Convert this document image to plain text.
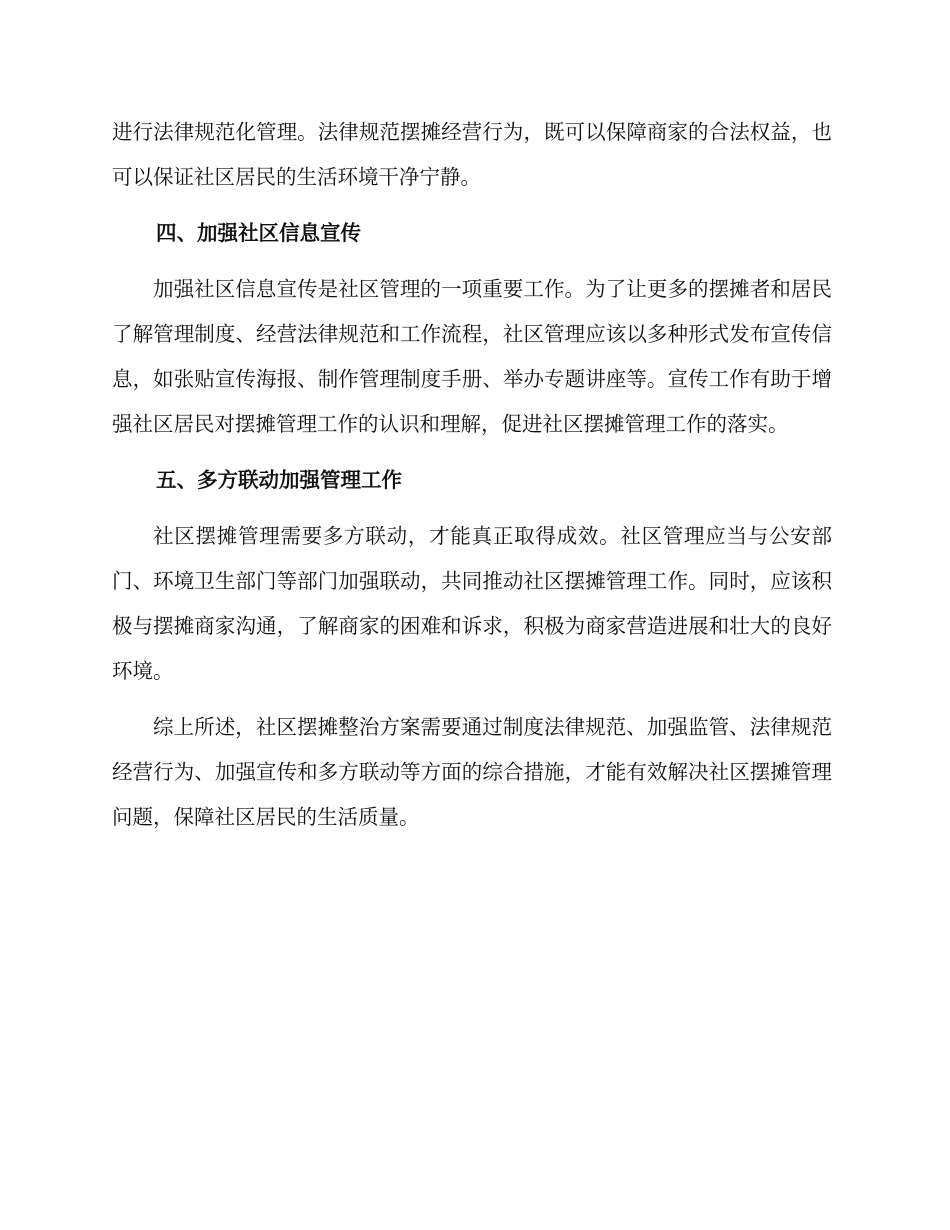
进行法律规范化管理。法律规范摆摊经营行为，既可以保障商家的合法权益，也可以保证社区居民的生活环境干净宁静。

四、加强社区信息宣传

加强社区信息宣传是社区管理的一项重要工作。为了让更多的摆摊者和居民了解管理制度、经营法律规范和工作流程，社区管理应该以多种形式发布宣传信息，如张贴宣传海报、制作管理制度手册、举办专题讲座等。宣传工作有助于增强社区居民对摆摊管理工作的认识和理解，促进社区摆摊管理工作的落实。

五、多方联动加强管理工作

社区摆摊管理需要多方联动，才能真正取得成效。社区管理应当与公安部门、环境卫生部门等部门加强联动，共同推动社区摆摊管理工作。同时，应该积极与摆摊商家沟通，了解商家的困难和诉求，积极为商家营造进展和壮大的良好环境。

综上所述，社区摆摊整治方案需要通过制度法律规范、加强监管、法律规范经营行为、加强宣传和多方联动等方面的综合措施，才能有效解决社区摆摊管理问题，保障社区居民的生活质量。
